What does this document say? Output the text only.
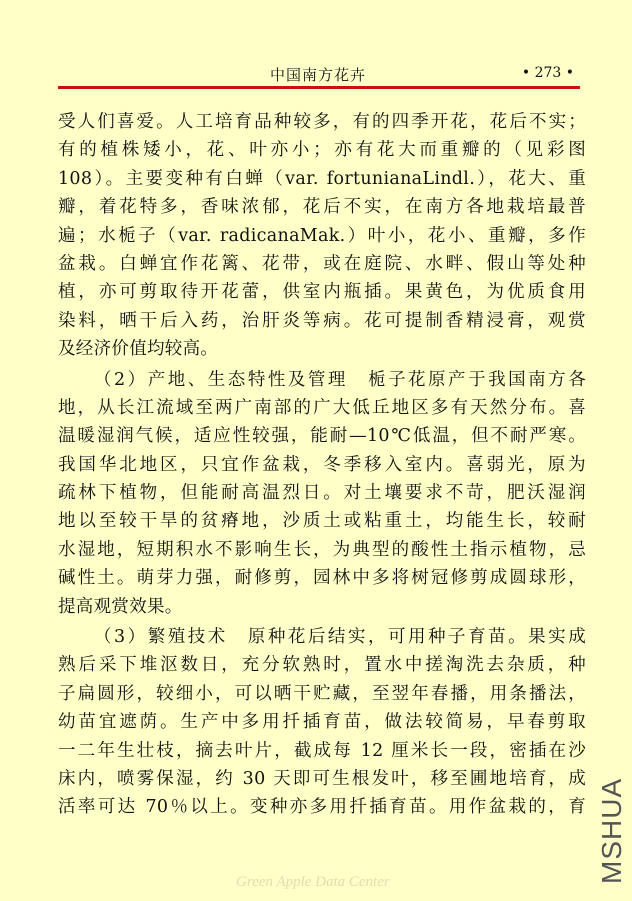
中国南方花卉	• 273 •
受人们喜爱。人工培育品种较多，有的四季开花，花后不实；
有的植株矮小，花、叶亦小；亦有花大而重瓣的（见彩图
108）。主要变种有白蝉（var. fortunianaLindl.），花大、重
瓣，着花特多，香味浓郁，花后不实，在南方各地栽培最普
遍；水栀子（var. radicanaMak.）叶小，花小、重瓣，多作
盆栽。白蝉宜作花篱、花带，或在庭院、水畔、假山等处种
植，亦可剪取待开花蕾，供室内瓶插。果黄色，为优质食用
染料，晒干后入药，治肝炎等病。花可提制香精浸膏，观赏
及经济价值均较高。
（2）产地、生态特性及管理　栀子花原产于我国南方各
地，从长江流域至两广南部的广大低丘地区多有天然分布。喜
温暖湿润气候，适应性较强，能耐—10℃低温，但不耐严寒。
我国华北地区，只宜作盆栽，冬季移入室内。喜弱光，原为
疏林下植物，但能耐高温烈日。对土壤要求不苛，肥沃湿润
地以至较干旱的贫瘠地，沙质土或粘重土，均能生长，较耐
水湿地，短期积水不影响生长，为典型的酸性土指示植物，忌
碱性土。萌芽力强，耐修剪，园林中多将树冠修剪成圆球形，
提高观赏效果。
（3）繁殖技术　原种花后结实，可用种子育苗。果实成
熟后采下堆沤数日，充分软熟时，置水中搓淘洗去杂质，种
子扁圆形，较细小，可以晒干贮藏，至翌年春播，用条播法，
幼苗宜遮荫。生产中多用扦插育苗，做法较简易，早春剪取
一二年生壮枝，摘去叶片，截成每 12 厘米长一段，密插在沙
床内，喷雾保湿，约 30 天即可生根发叶，移至圃地培育，成
活率可达 70％以上。变种亦多用扦插育苗。用作盆栽的，育
Green Apple Data Center	MSHUA
